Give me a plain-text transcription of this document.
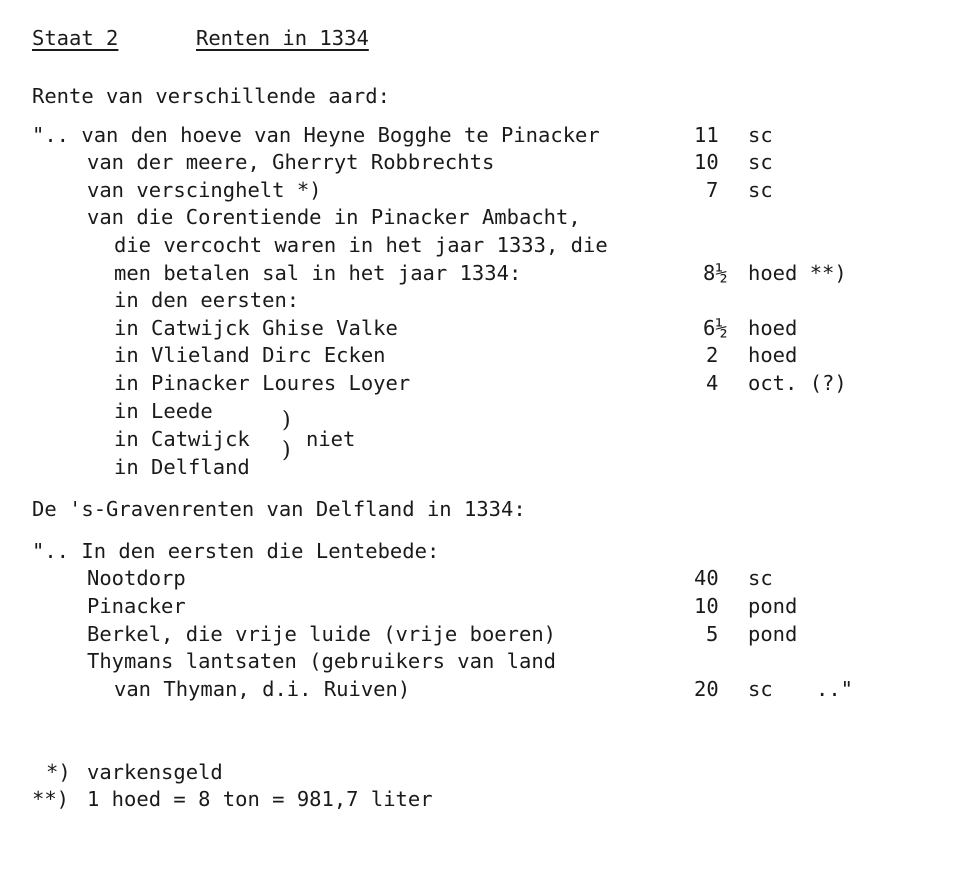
Staat 2	Renten in 1334
Rente van verschillende aard:
".. van den hoeve van Heyne Bogghe te Pinacker	11 sc
van der meere, Gherryt Robbrechts	10 sc
van verscinghelt *)	7 sc
van die Corentiende in Pinacker Ambacht,
die vercocht waren in het jaar 1333, die
men betalen sal in het jaar 1334:	8½ hoed **)
in den eersten:
in Catwijck Ghise Valke	6½ hoed
in Vlieland Dirc Ecken	2 hoed
in Pinacker Loures Loyer	4 oct. (?)
in Leede
in Catwijck
in Delfland
)
) niet
De 's-Gravenrenten van Delfland in 1334:
".. In den eersten die Lentebede:
Nootdorp	40 sc
Pinacker	10 pond
Berkel, die vrije luide (vrije boeren)	5 pond
Thymans lantsaten (gebruikers van land
van Thyman, d.i. Ruiven)	20 sc .."
*) varkensgeld
**) 1 hoed = 8 ton = 981,7 liter
